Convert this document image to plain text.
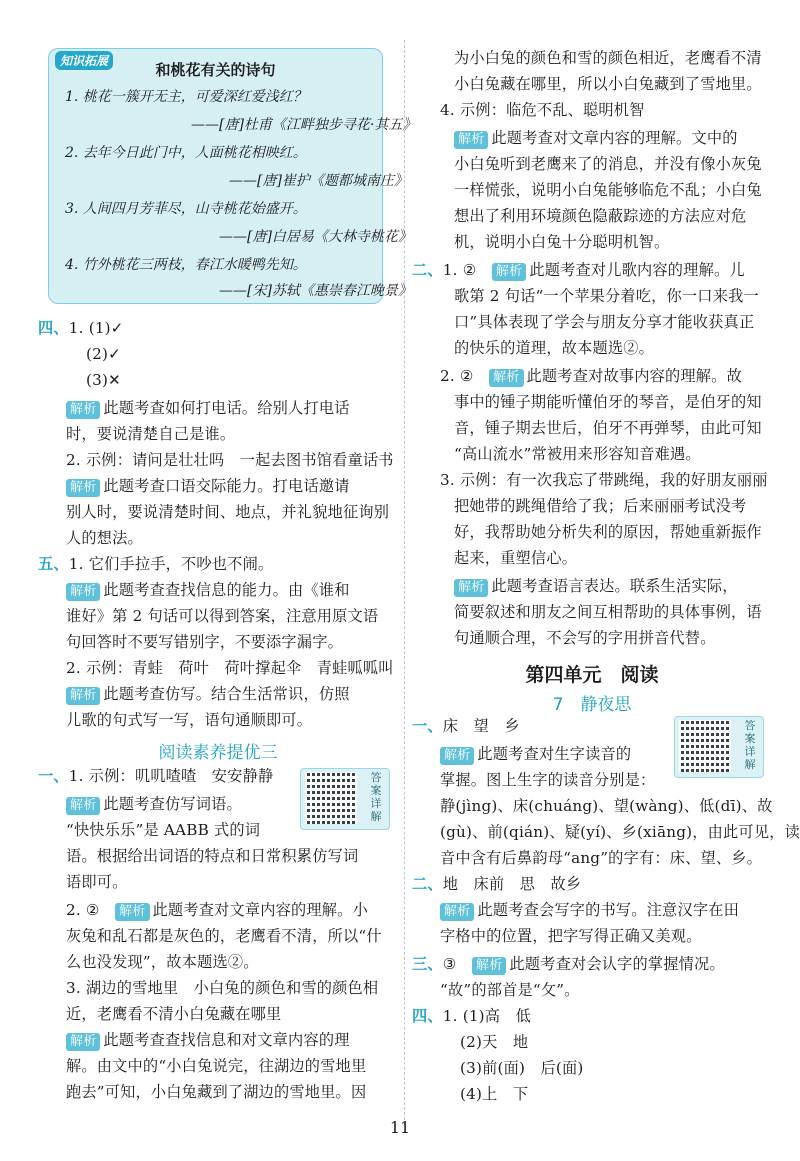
知识拓展	和桃花有关的诗句
1. 桃花一簇开无主，可爱深红爱浅红？
——[唐]杜甫《江畔独步寻花·其五》
2. 去年今日此门中，人面桃花相映红。
——[唐]崔护《题都城南庄》
3. 人间四月芳菲尽，山寺桃花始盛开。
——[唐]白居易《大林寺桃花》
4. 竹外桃花三两枝，春江水暖鸭先知。
——[宋]苏轼《惠崇春江晚景》
四、1. (1)✓
(2)✓
(3)✕
解析 此题考查如何打电话。给别人打电话
时，要说清楚自己是谁。
2. 示例：请问是壮壮吗　一起去图书馆看童话书
解析 此题考查口语交际能力。打电话邀请
别人时，要说清楚时间、地点，并礼貌地征询别
人的想法。
五、1. 它们手拉手，不吵也不闹。
解析 此题考查查找信息的能力。由《谁和
谁好》第 2 句话可以得到答案，注意用原文语
句回答时不要写错别字，不要添字漏字。
2. 示例：青蛙　荷叶　荷叶撑起伞　青蛙呱呱叫
解析 此题考查仿写。结合生活常识，仿照
儿歌的句式写一写，语句通顺即可。
阅读素养提优三
一、1. 示例：叽叽喳喳　安安静静	答案详解
解析 此题考查仿写词语。
“快快乐乐”是 AABB 式的词
语。根据给出词语的特点和日常积累仿写词
语即可。
2. ②　 解析 此题考查对文章内容的理解。小
灰兔和乱石都是灰色的，老鹰看不清，所以“什
么也没发现”，故本题选②。
3. 湖边的雪地里　小白兔的颜色和雪的颜色相
近，老鹰看不清小白兔藏在哪里
解析 此题考查查找信息和对文章内容的理
解。由文中的“小白兔说完，往湖边的雪地里
跑去”可知，小白兔藏到了湖边的雪地里。因
为小白兔的颜色和雪的颜色相近，老鹰看不清
小白兔藏在哪里，所以小白兔藏到了雪地里。
4. 示例：临危不乱、聪明机智
解析 此题考查对文章内容的理解。文中的
小白兔听到老鹰来了的消息，并没有像小灰兔
一样慌张，说明小白兔能够临危不乱；小白兔
想出了利用环境颜色隐蔽踪迹的方法应对危
机，说明小白兔十分聪明机智。
二、1. ②　 解析 此题考查对儿歌内容的理解。儿
歌第 2 句话“一个苹果分着吃，你一口来我一
口”具体表现了学会与朋友分享才能收获真正
的快乐的道理，故本题选②。
2. ②　 解析 此题考查对故事内容的理解。故
事中的锺子期能听懂伯牙的琴音，是伯牙的知
音，锺子期去世后，伯牙不再弹琴，由此可知
“高山流水”常被用来形容知音难遇。
3. 示例：有一次我忘了带跳绳，我的好朋友丽丽
把她带的跳绳借给了我；后来丽丽考试没考
好，我帮助她分析失利的原因，帮她重新振作
起来，重塑信心。
解析 此题考查语言表达。联系生活实际，
简要叙述和朋友之间互相帮助的具体事例，语
句通顺合理，不会写的字用拼音代替。
第四单元　阅读
7　静夜思
一、床　望　乡	答案详解
解析 此题考查对生字读音的
掌握。图上生字的读音分别是：
静(jìng)、床(chuáng)、望(wàng)、低(dī)、故
(gù)、前(qián)、疑(yí)、乡(xiāng)，由此可见，读
音中含有后鼻韵母“ang”的字有：床、望、乡。
二、地　床前　思　故乡
解析 此题考查会写字的书写。注意汉字在田
字格中的位置，把字写得正确又美观。
三、③　 解析 此题考查对会认字的掌握情况。
“故”的部首是“攵”。
四、1. (1)高　低
(2)天　地
(3)前(面)　后(面)
(4)上　下
11
